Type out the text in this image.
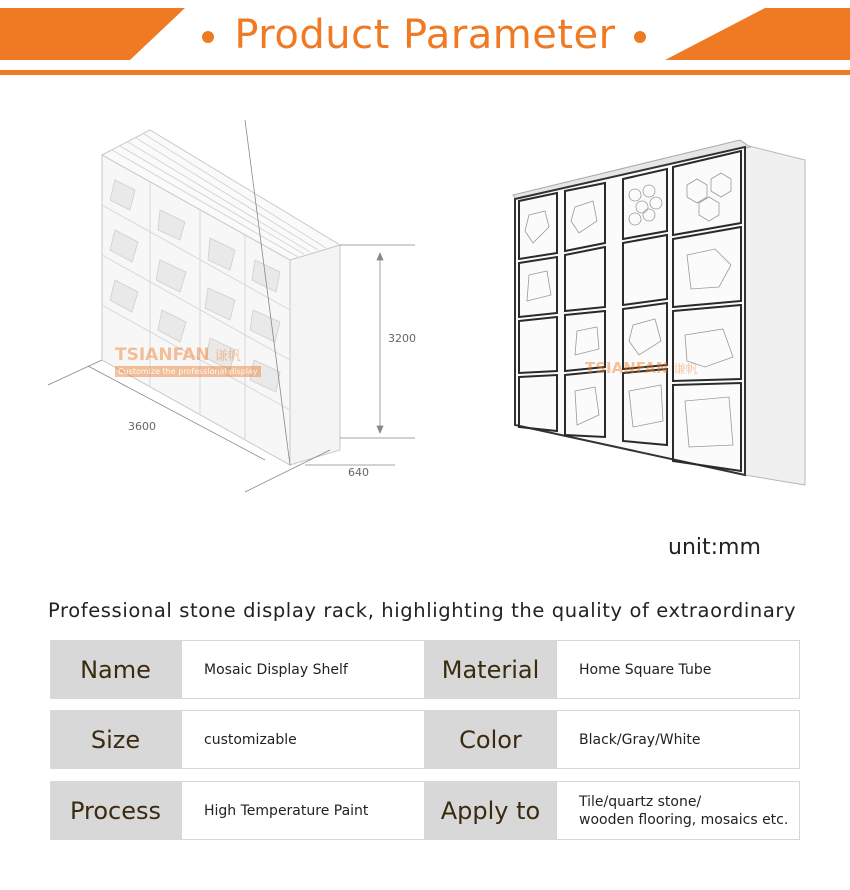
Product Parameter
3200
3600
640
TSIANFAN 谦帆
Customize the professional display	TSIANFAN 谦帆
unit:mm
Professional stone display rack, highlighting the quality of extraordinary
Name	Mosaic Display Shelf	Material	Home Square Tube
Size	customizable	Color	Black/Gray/White
Process	High Temperature Paint	Apply to	Tile/quartz stone/
wooden flooring, mosaics etc.
